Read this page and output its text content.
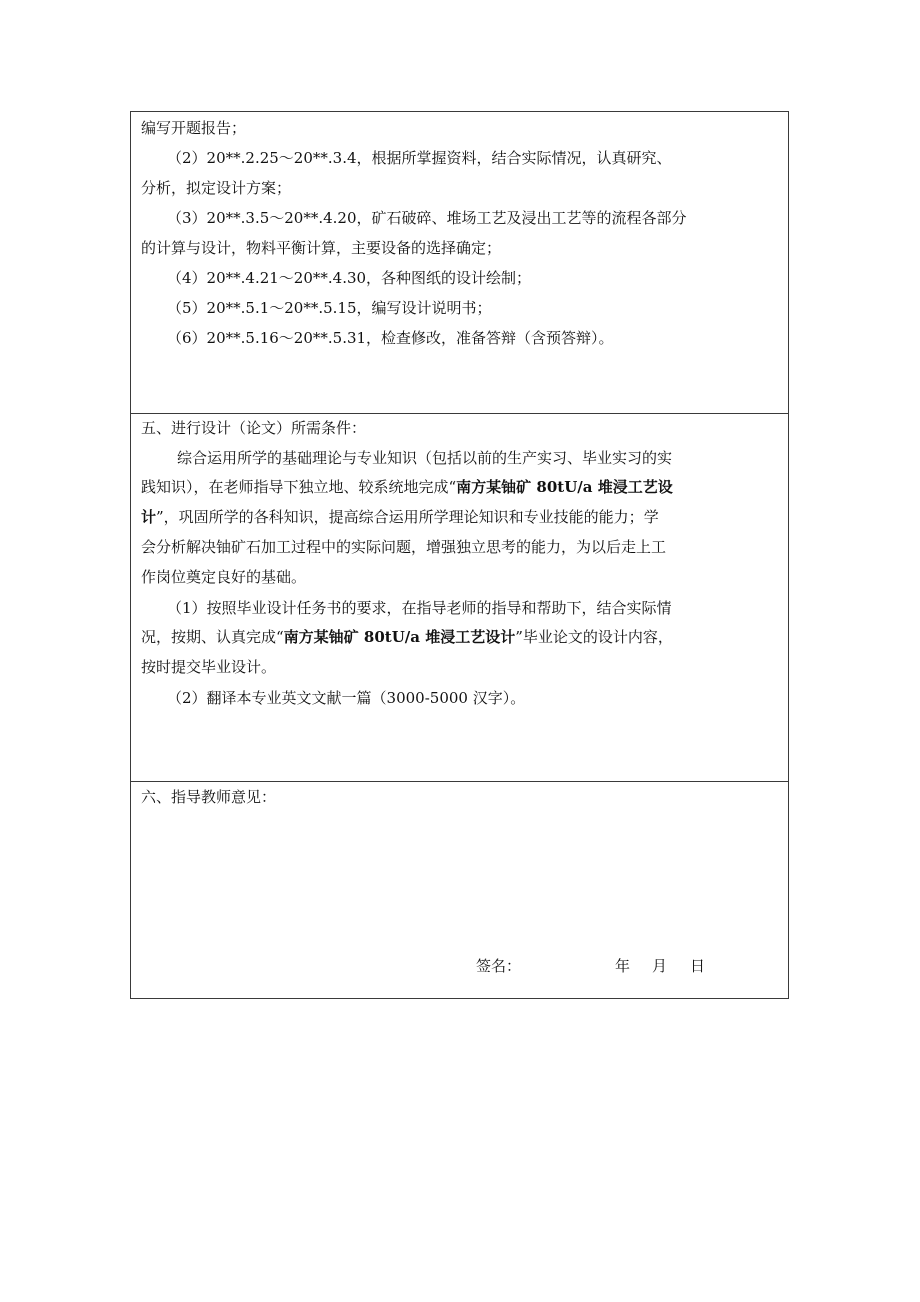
编写开题报告；
（2）20**.2.25～20**.3.4，根据所掌握资料，结合实际情况，认真研究、
分析，拟定设计方案；
（3）20**.3.5～20**.4.20，矿石破碎、堆场工艺及浸出工艺等的流程各部分
的计算与设计，物料平衡计算，主要设备的选择确定；
（4）20**.4.21～20**.4.30，各种图纸的设计绘制；
（5）20**.5.1～20**.5.15，编写设计说明书；
（6）20**.5.16～20**.5.31，检查修改，准备答辩（含预答辩）。
五、进行设计（论文）所需条件：
综合运用所学的基础理论与专业知识（包括以前的生产实习、毕业实习的实
践知识），在老师指导下独立地、较系统地完成“南方某铀矿 80tU/a 堆浸工艺设
计”，巩固所学的各科知识，提高综合运用所学理论知识和专业技能的能力；学
会分析解决铀矿石加工过程中的实际问题，增强独立思考的能力，为以后走上工
作岗位奠定良好的基础。
（1）按照毕业设计任务书的要求，在指导老师的指导和帮助下，结合实际情
况，按期、认真完成“南方某铀矿 80tU/a 堆浸工艺设计”毕业论文的设计内容，
按时提交毕业设计。
（2）翻译本专业英文文献一篇（3000-5000 汉字）。
六、指导教师意见：
签名：	年 月 日
